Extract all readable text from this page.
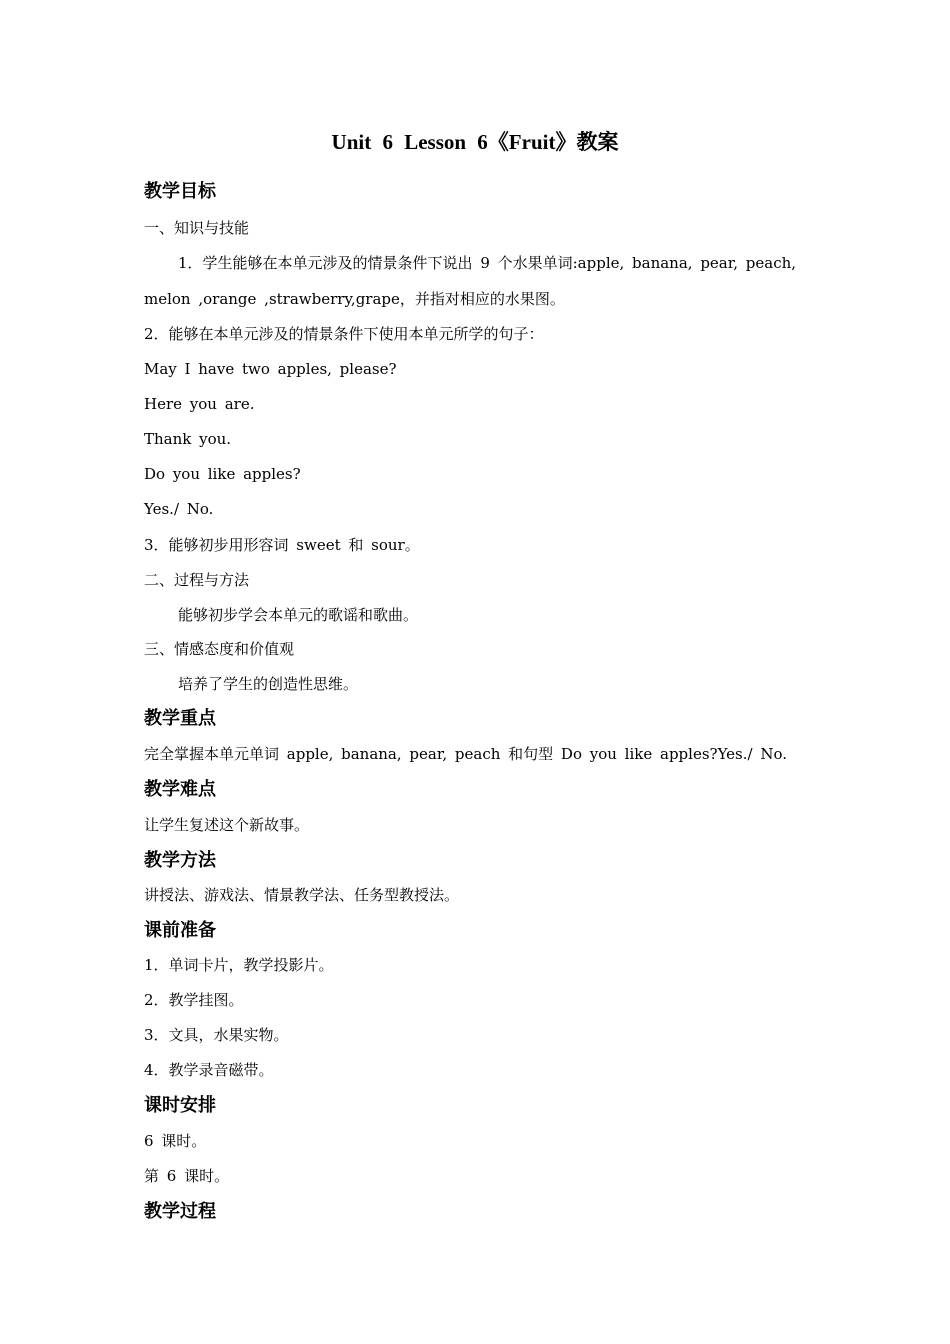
Unit 6 Lesson 6《Fruit》教案
教学目标
一、知识与技能
1．学生能够在本单元涉及的情景条件下说出 9 个水果单词:apple, banana, pear, peach,
melon ,orange ,strawberry,grape，并指对相应的水果图。
2．能够在本单元涉及的情景条件下使用本单元所学的句子：
May I have two apples, please?
Here you are.
Thank you.
Do you like apples?
Yes./ No.
3．能够初步用形容词 sweet 和 sour。
二、过程与方法
能够初步学会本单元的歌谣和歌曲。
三、情感态度和价值观
培养了学生的创造性思维。
教学重点
完全掌握本单元单词 apple, banana, pear, peach 和句型 Do you like apples?Yes./ No.
教学难点
让学生复述这个新故事。
教学方法
讲授法、游戏法、情景教学法、任务型教授法。
课前准备
1．单词卡片，教学投影片。
2．教学挂图。
3．文具，水果实物。
4．教学录音磁带。
课时安排
6 课时。
第 6 课时。
教学过程
